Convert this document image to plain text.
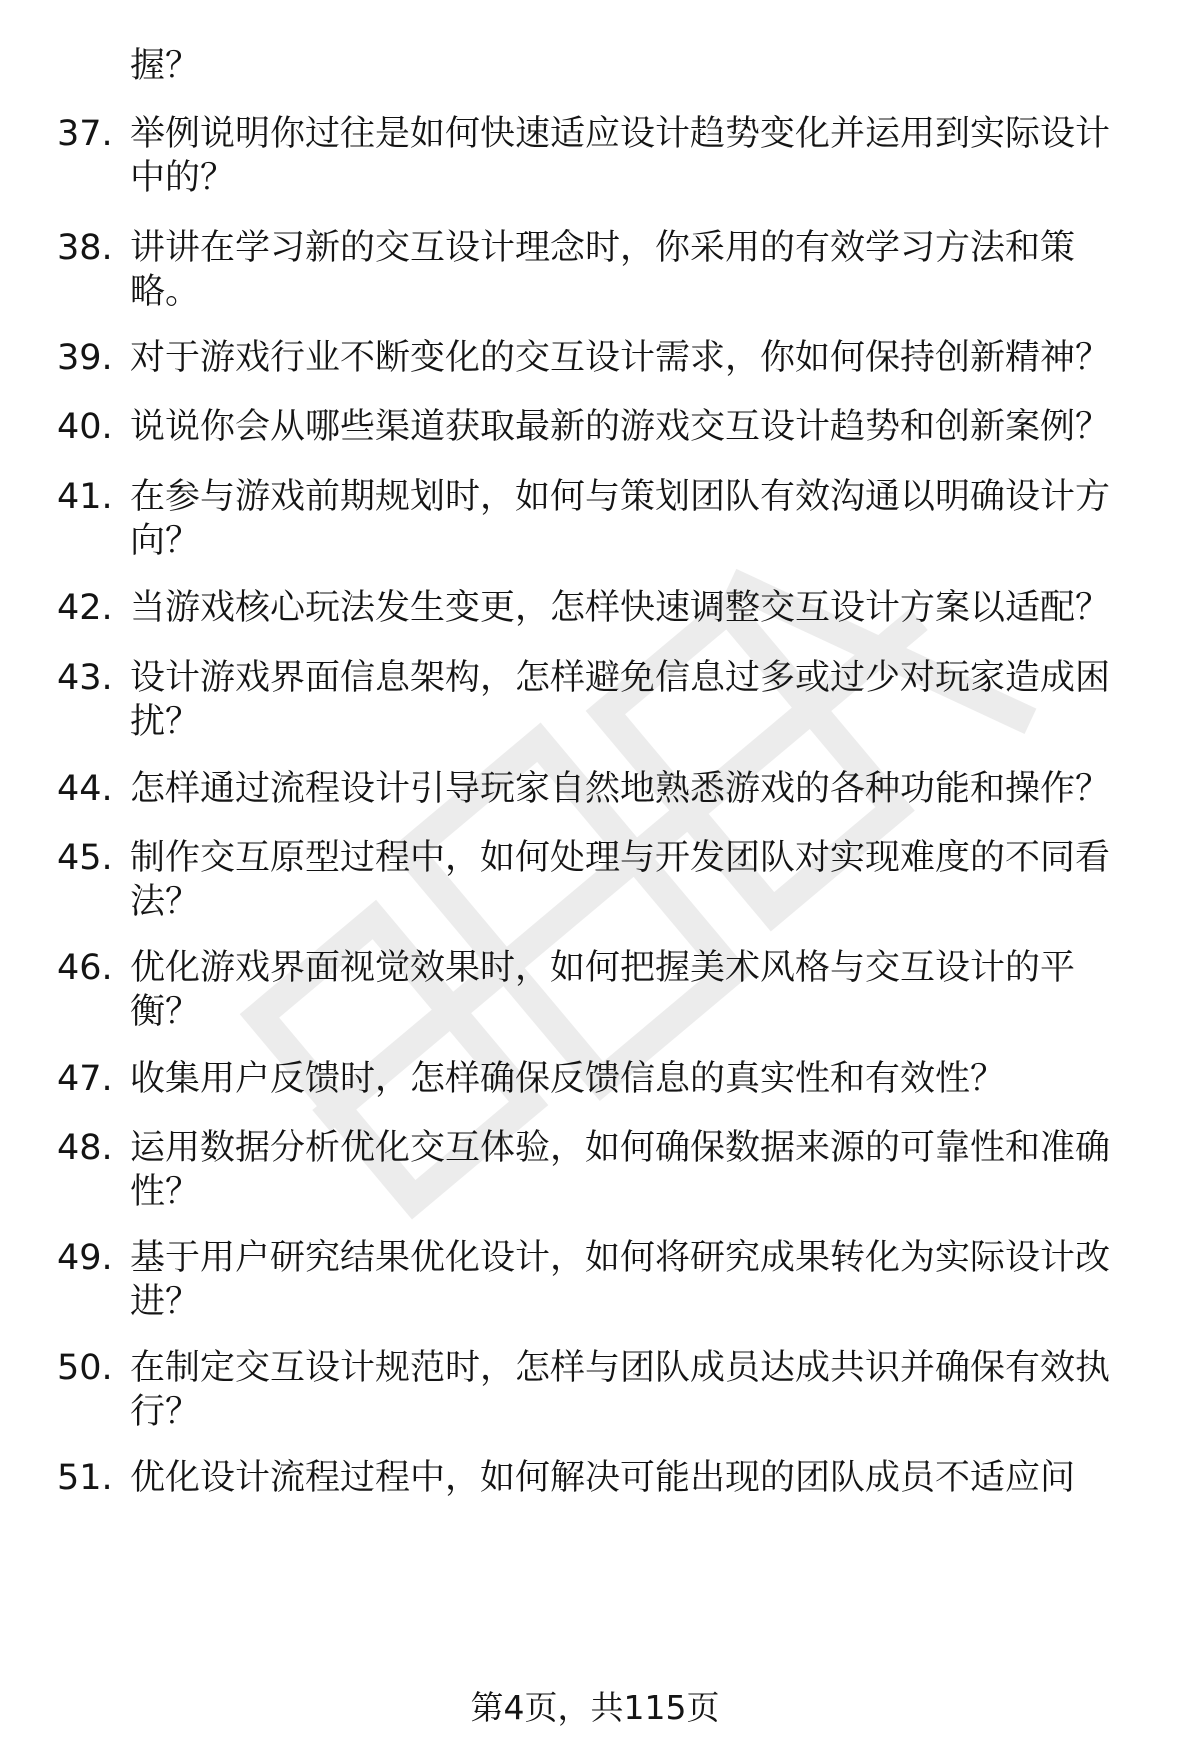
握？

37. 举例说明你过往是如何快速适应设计趋势变化并运用到实际设计中的？
38. 讲讲在学习新的交互设计理念时，你采用的有效学习方法和策略。
39. 对于游戏行业不断变化的交互设计需求，你如何保持创新精神？
40. 说说你会从哪些渠道获取最新的游戏交互设计趋势和创新案例？
41. 在参与游戏前期规划时，如何与策划团队有效沟通以明确设计方向？
42. 当游戏核心玩法发生变更，怎样快速调整交互设计方案以适配？
43. 设计游戏界面信息架构，怎样避免信息过多或过少对玩家造成困扰？
44. 怎样通过流程设计引导玩家自然地熟悉游戏的各种功能和操作？
45. 制作交互原型过程中，如何处理与开发团队对实现难度的不同看法？
46. 优化游戏界面视觉效果时，如何把握美术风格与交互设计的平衡？
47. 收集用户反馈时，怎样确保反馈信息的真实性和有效性？
48. 运用数据分析优化交互体验，如何确保数据来源的可靠性和准确性？
49. 基于用户研究结果优化设计，如何将研究成果转化为实际设计改进？
50. 在制定交互设计规范时，怎样与团队成员达成共识并确保有效执行？
51. 优化设计流程过程中，如何解决可能出现的团队成员不适应问
第4页，共115页
